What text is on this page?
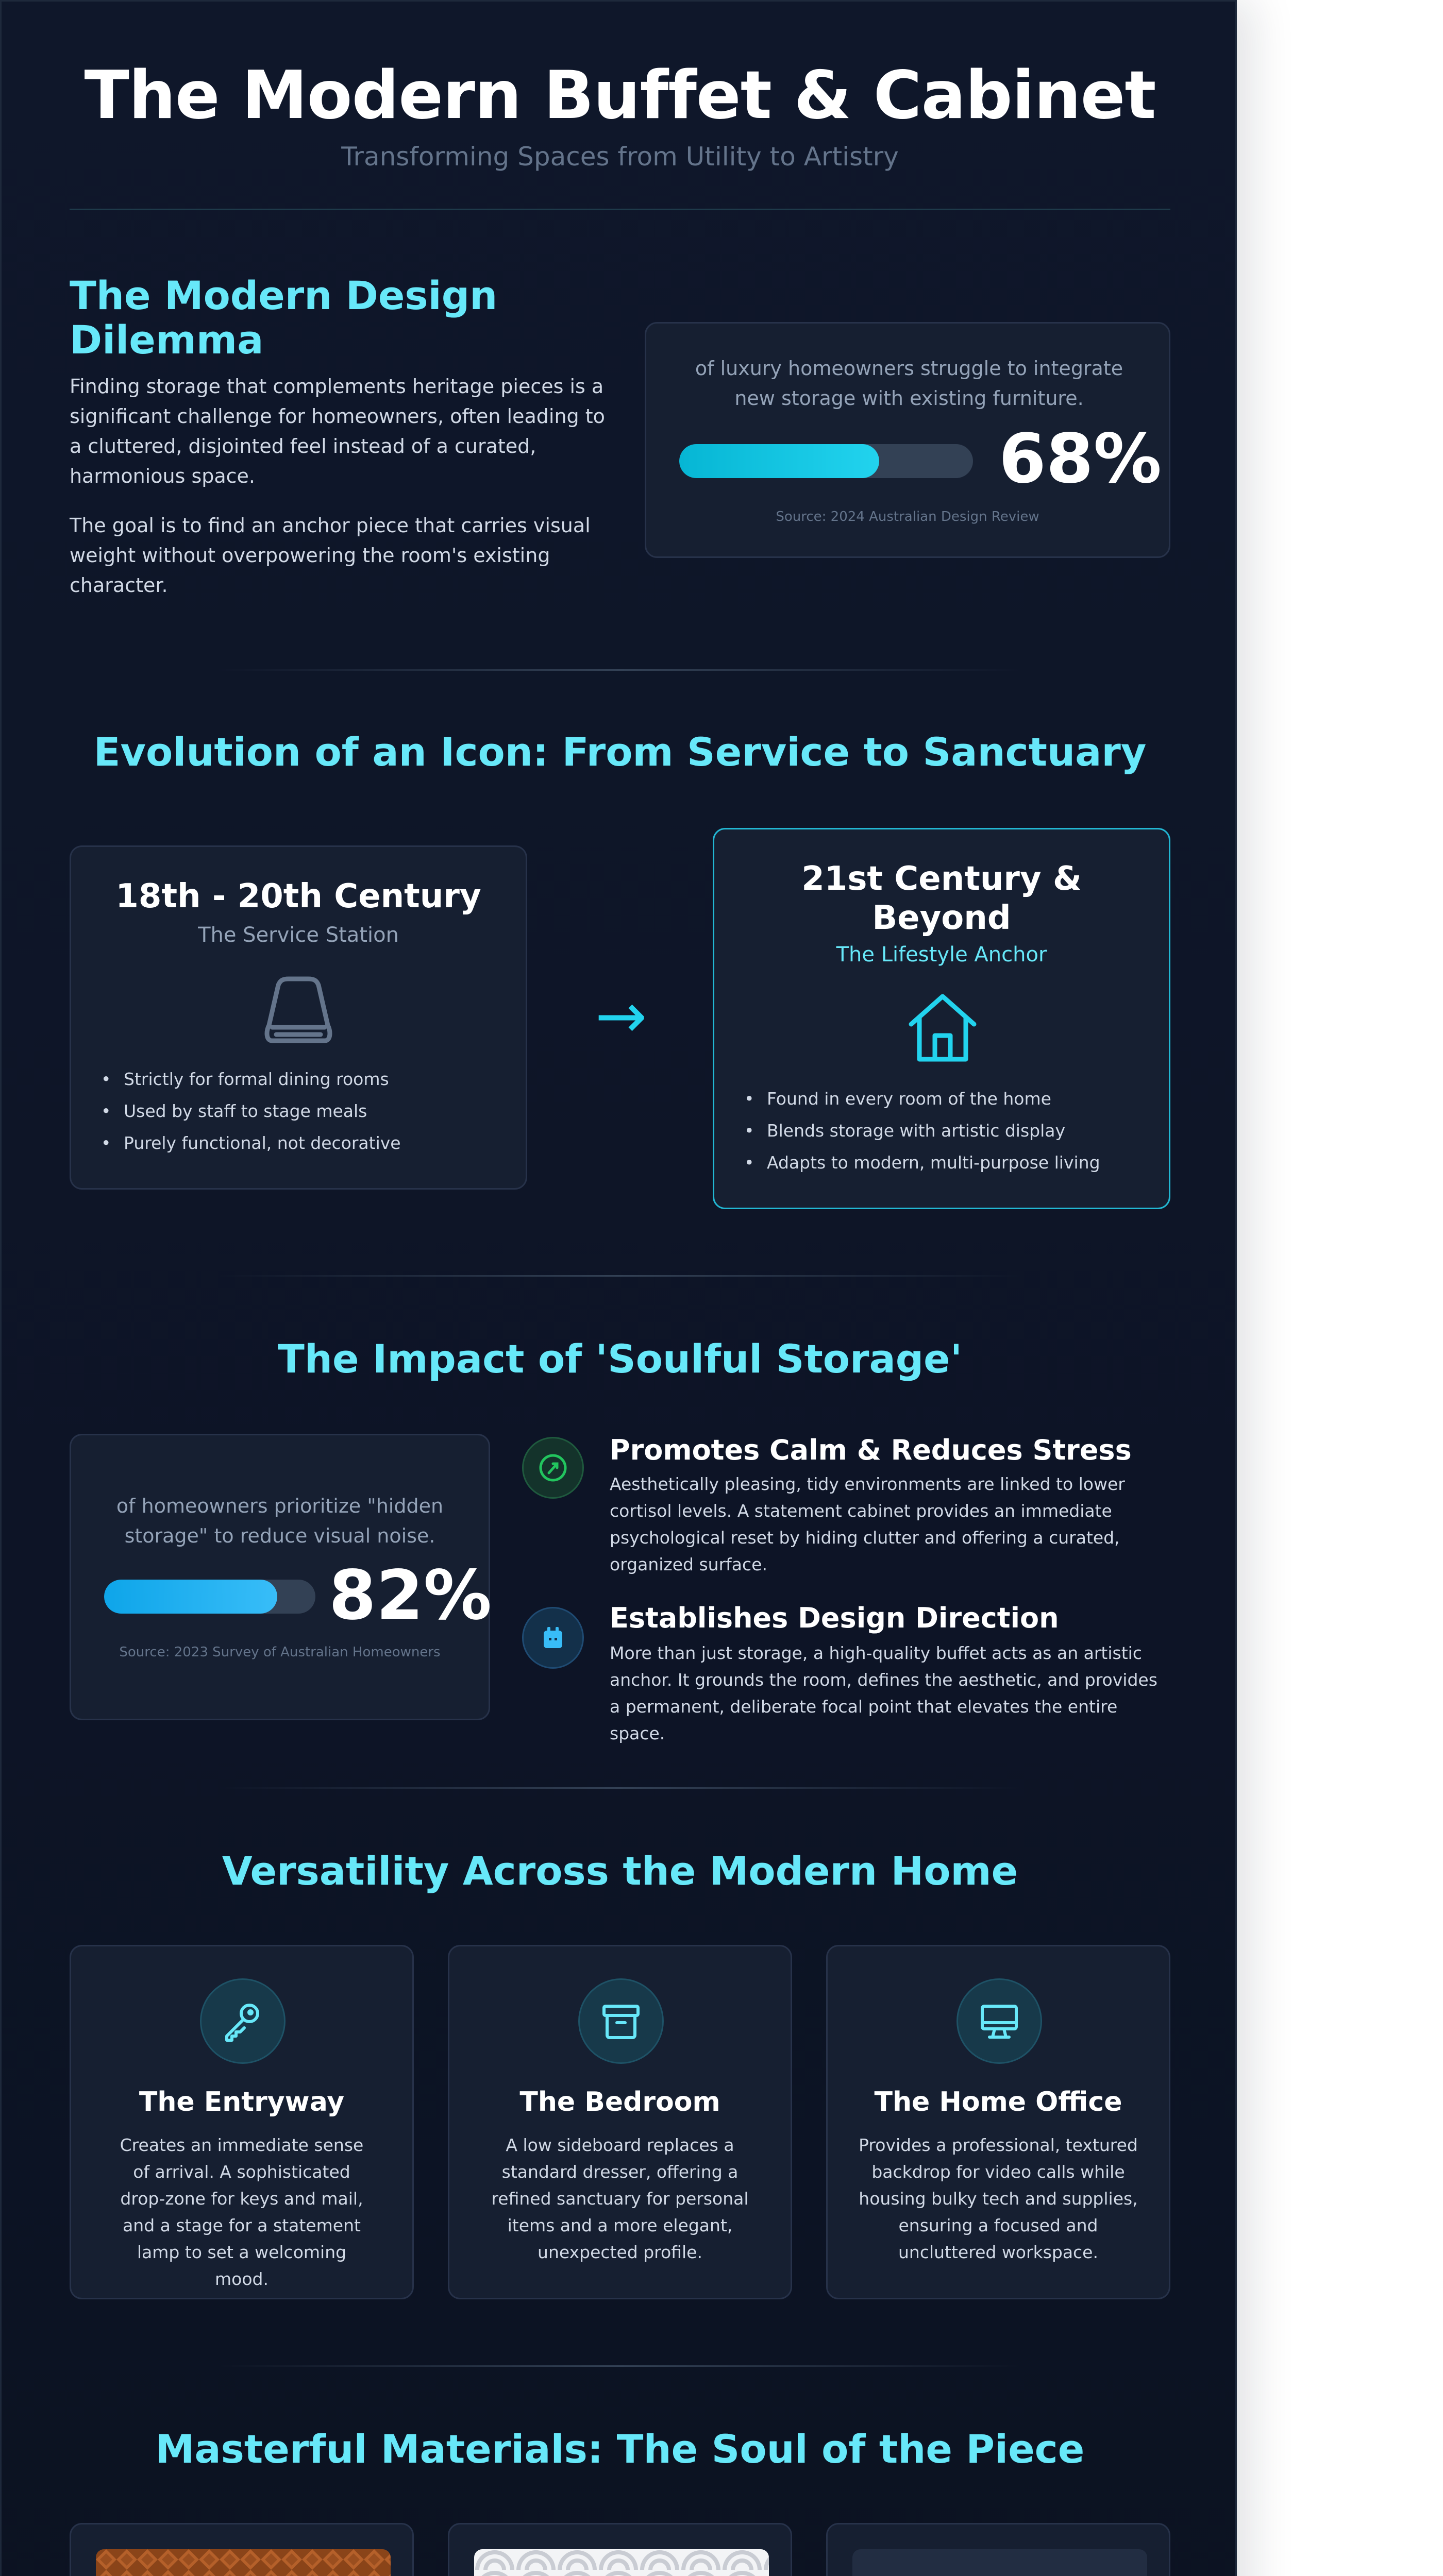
The Modern Buffet & Cabinet
Transforming Spaces from Utility to Artistry
The Modern Design Dilemma
Finding storage that complements heritage pieces is a significant challenge for homeowners, often leading to a cluttered, disjointed feel instead of a curated, harmonious space.
The goal is to find an anchor piece that carries visual weight without overpowering the room's existing character.
of luxury homeowners struggle to integrate new storage with existing furniture.
68%
Source: 2024 Australian Design Review
Evolution of an Icon: From Service to Sanctuary
18th - 20th Century
The Service Station
• Strictly for formal dining rooms
• Used by staff to stage meals
• Purely functional, not decorative
→
21st Century & Beyond
The Lifestyle Anchor
• Found in every room of the home
• Blends storage with artistic display
• Adapts to modern, multi-purpose living
The Impact of 'Soulful Storage'
of homeowners prioritize "hidden storage" to reduce visual noise.
82%
Source: 2023 Survey of Australian Homeowners
Promotes Calm & Reduces Stress
Aesthetically pleasing, tidy environments are linked to lower cortisol levels. A statement cabinet provides an immediate psychological reset by hiding clutter and offering a curated, organized surface.
Establishes Design Direction
More than just storage, a high-quality buffet acts as an artistic anchor. It grounds the room, defines the aesthetic, and provides a permanent, deliberate focal point that elevates the entire space.
Versatility Across the Modern Home
The Entryway
Creates an immediate sense of arrival. A sophisticated drop-zone for keys and mail, and a stage for a statement lamp to set a welcoming mood.
The Bedroom
A low sideboard replaces a standard dresser, offering a refined sanctuary for personal items and a more elegant, unexpected profile.
The Home Office
Provides a professional, textured backdrop for video calls while housing bulky tech and supplies, ensuring a focused and uncluttered workspace.
Masterful Materials: The Soul of the Piece
